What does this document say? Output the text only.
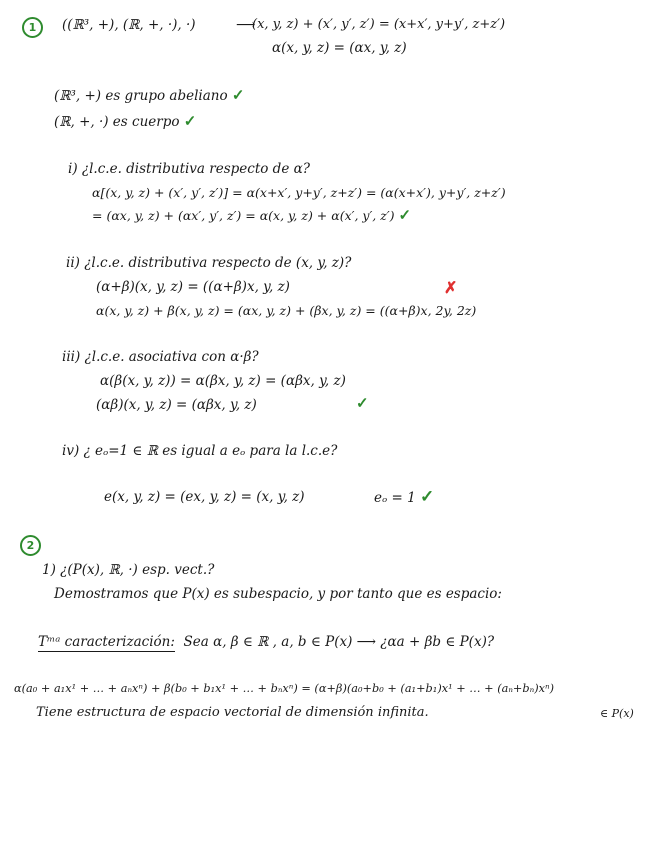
1	((ℝ³, +), (ℝ, +, ·), ·)	⟶
(x, y, z) + (x′, y′, z′) = (x+x′, y+y′, z+z′)
α(x, y, z) = (αx, y, z)
(ℝ³, +) es grupo abeliano ✓
(ℝ, +, ·) es cuerpo ✓
i) ¿l.c.e. distributiva respecto de α?
α[(x, y, z) + (x′, y′, z′)] = α(x+x′, y+y′, z+z′) = (α(x+x′), y+y′, z+z′)
= (αx, y, z) + (αx′, y′, z′) = α(x, y, z) + α(x′, y′, z′) ✓
ii) ¿l.c.e. distributiva respecto de (x, y, z)?
(α+β)(x, y, z) = ((α+β)x, y, z)	✗
α(x, y, z) + β(x, y, z) = (αx, y, z) + (βx, y, z) = ((α+β)x, 2y, 2z)
iii) ¿l.c.e. asociativa con α·β?
α(β(x, y, z)) = α(βx, y, z) = (αβx, y, z)
(αβ)(x, y, z) = (αβx, y, z)	✓
iv) ¿ eₒ=1 ∈ ℝ es igual a eₒ para la l.c.e?
e(x, y, z) = (ex, y, z) = (x, y, z)	eₒ = 1 ✓
2
1) ¿(P(x), ℝ, ·) esp. vect.?
Demostramos que P(x) es subespacio, y por tanto que es espacio:
Tᵐᵃ caracterización: Sea α, β ∈ ℝ , a, b ∈ P(x) ⟶ ¿αa + βb ∈ P(x)?
α(a₀ + a₁x¹ + … + aₙxⁿ) + β(b₀ + b₁x¹ + … + bₙxⁿ) = (α+β)(a₀+b₀ + (a₁+b₁)x¹ + … + (aₙ+bₙ)xⁿ)
Tiene estructura de espacio vectorial de dimensión infinita.	∈ P(x)
